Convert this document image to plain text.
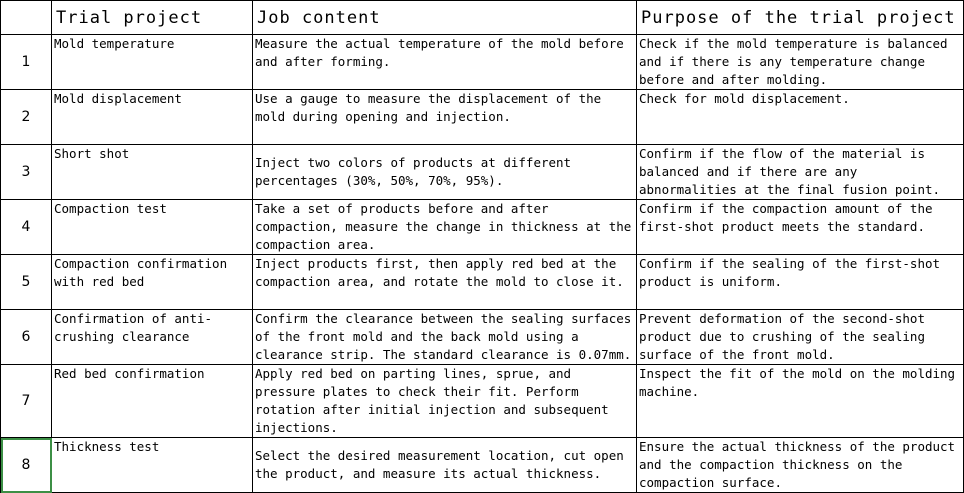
	Trial project	Job content	Purpose of the trial project
1	Mold temperature	Measure the actual temperature of the mold before and after forming.	Check if the mold temperature is balanced and if there is any temperature change before and after molding.
2	Mold displacement	Use a gauge to measure the displacement of the mold during opening and injection.	Check for mold displacement.
3	Short shot	Inject two colors of products at different percentages (30%, 50%, 70%, 95%).	Confirm if the flow of the material is balanced and if there are any abnormalities at the final fusion point.
4	Compaction test	Take a set of products before and after compaction, measure the change in thickness at the compaction area.	Confirm if the compaction amount of the first-shot product meets the standard.
5	Compaction confirmation with red bed	Inject products first, then apply red bed at the compaction area, and rotate the mold to close it.	Confirm if the sealing of the first-shot product is uniform.
6	Confirmation of anti-crushing clearance	Confirm the clearance between the sealing surfaces of the front mold and the back mold using a clearance strip. The standard clearance is 0.07mm.	Prevent deformation of the second-shot product due to crushing of the sealing surface of the front mold.
7	Red bed confirmation	Apply red bed on parting lines, sprue, and pressure plates to check their fit. Perform rotation after initial injection and subsequent injections.	Inspect the fit of the mold on the molding machine.
8	Thickness test	Select the desired measurement location, cut open the product, and measure its actual thickness.	Ensure the actual thickness of the product and the compaction thickness on the compaction surface.
